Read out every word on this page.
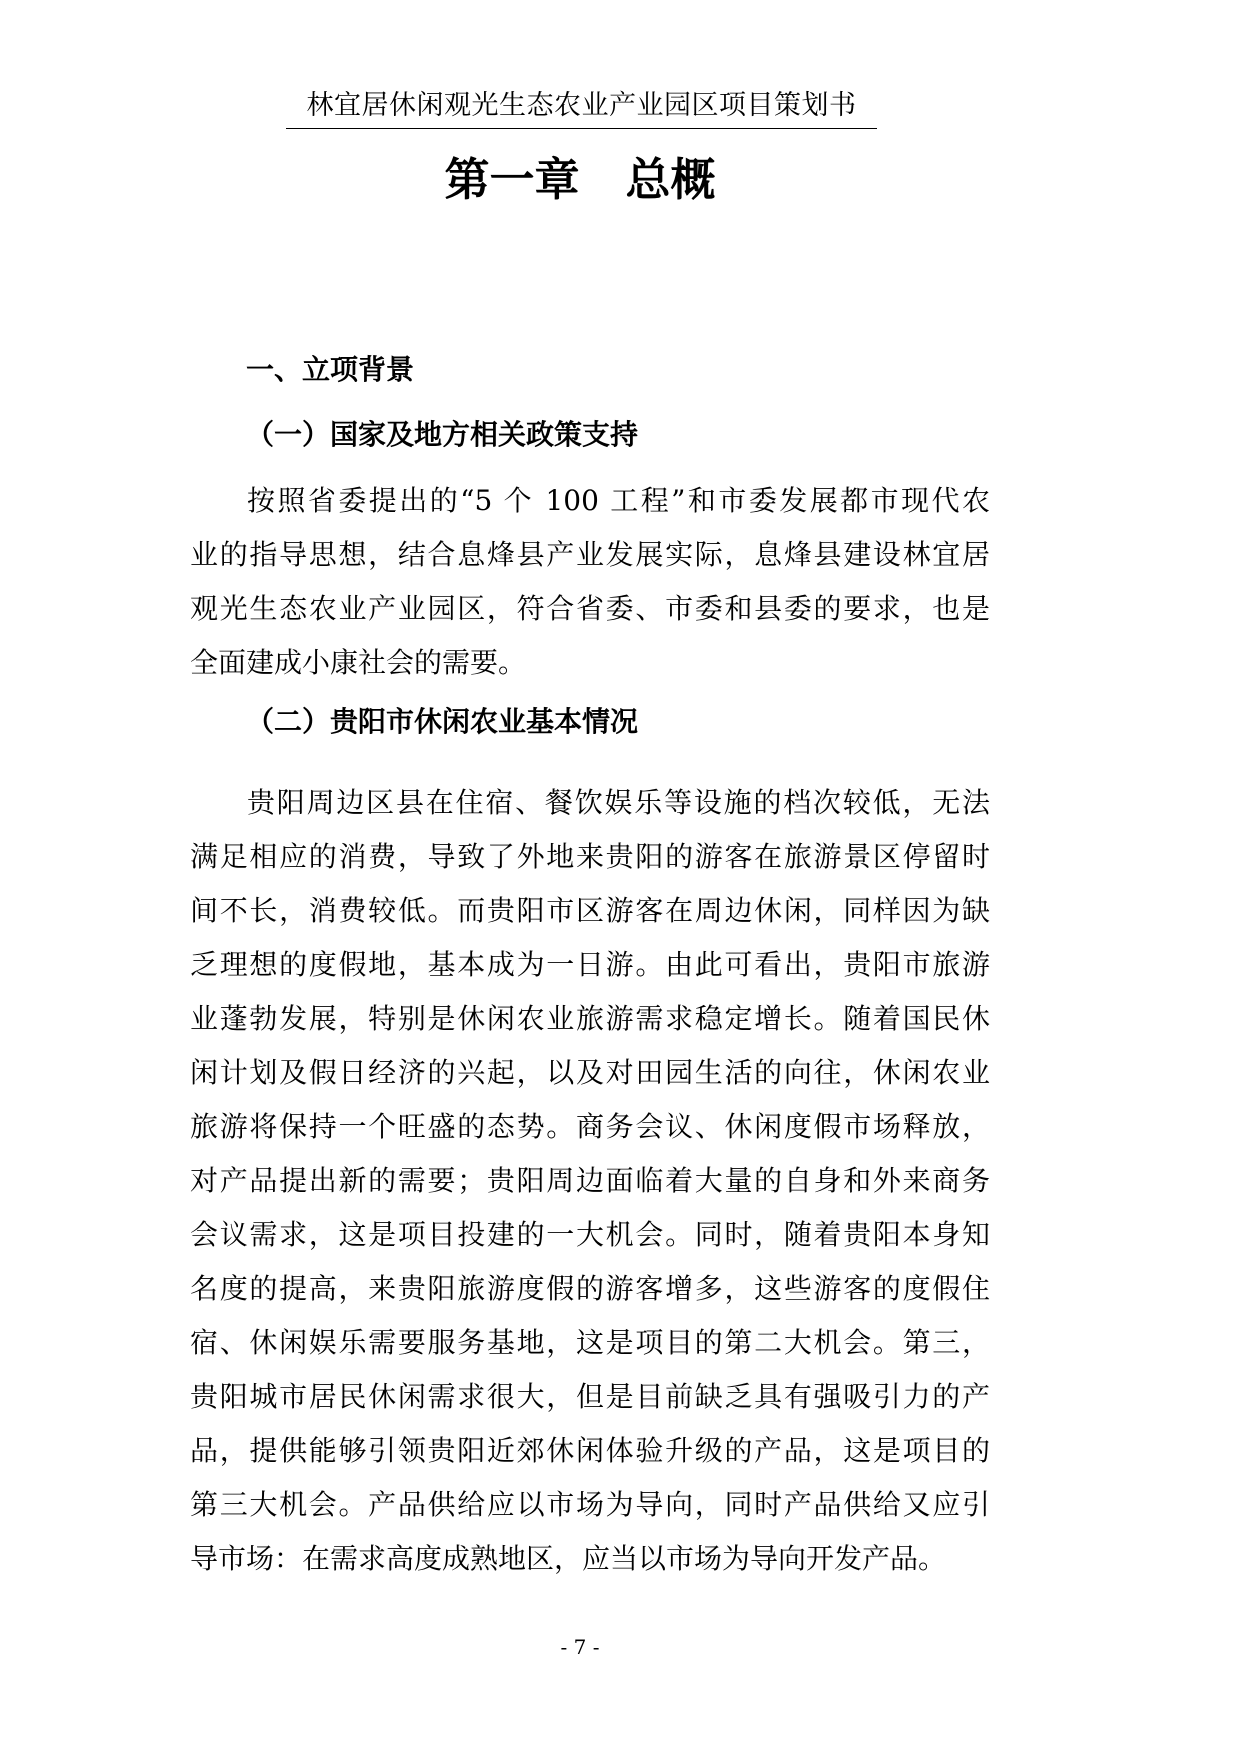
林宜居休闲观光生态农业产业园区项目策划书
第一章 总概
一、立项背景
（一）国家及地方相关政策支持
按照省委提出的“5 个 100 工程”和市委发展都市现代农
业的指导思想，结合息烽县产业发展实际，息烽县建设林宜居
观光生态农业产业园区，符合省委、市委和县委的要求，也是
全面建成小康社会的需要。
（二）贵阳市休闲农业基本情况
贵阳周边区县在住宿、餐饮娱乐等设施的档次较低，无法
满足相应的消费，导致了外地来贵阳的游客在旅游景区停留时
间不长，消费较低。而贵阳市区游客在周边休闲，同样因为缺
乏理想的度假地，基本成为一日游。由此可看出，贵阳市旅游
业蓬勃发展，特别是休闲农业旅游需求稳定增长。随着国民休
闲计划及假日经济的兴起，以及对田园生活的向往，休闲农业
旅游将保持一个旺盛的态势。商务会议、休闲度假市场释放，
对产品提出新的需要；贵阳周边面临着大量的自身和外来商务
会议需求，这是项目投建的一大机会。同时，随着贵阳本身知
名度的提高，来贵阳旅游度假的游客增多，这些游客的度假住
宿、休闲娱乐需要服务基地，这是项目的第二大机会。第三，
贵阳城市居民休闲需求很大，但是目前缺乏具有强吸引力的产
品，提供能够引领贵阳近郊休闲体验升级的产品，这是项目的
第三大机会。产品供给应以市场为导向，同时产品供给又应引
导市场：在需求高度成熟地区，应当以市场为导向开发产品。
- 7 -
